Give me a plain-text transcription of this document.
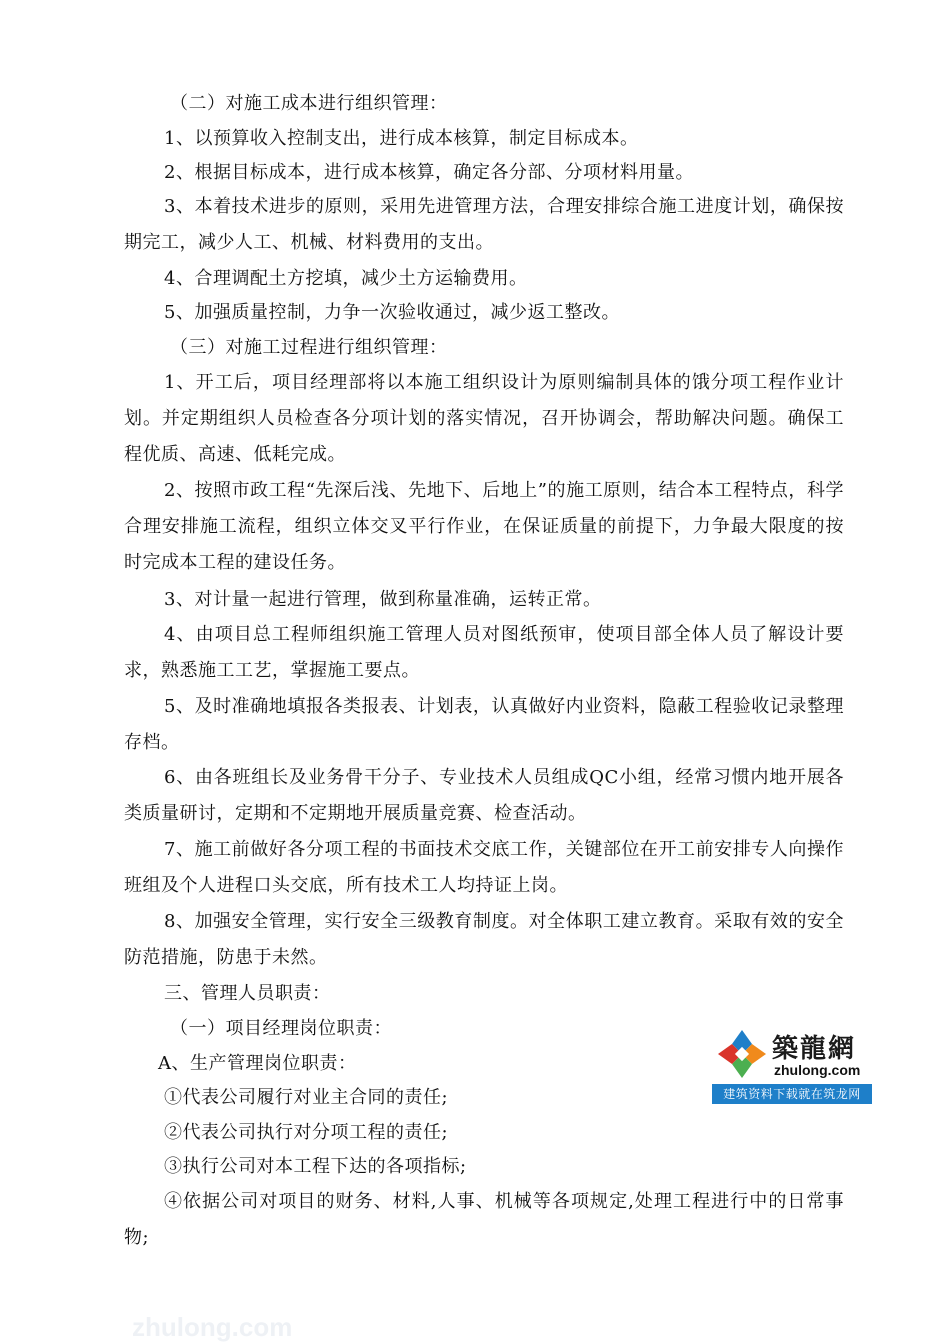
（二）对施工成本进行组织管理：

1、以预算收入控制支出，进行成本核算，制定目标成本。

2、根据目标成本，进行成本核算，确定各分部、分项材料用量。

3、本着技术进步的原则，采用先进管理方法，合理安排综合施工进度计划，确保按期完工，减少人工、机械、材料费用的支出。

4、合理调配土方挖填，减少土方运输费用。

5、加强质量控制，力争一次验收通过，减少返工整改。

（三）对施工过程进行组织管理：

1、开工后，项目经理部将以本施工组织设计为原则编制具体的饿分项工程作业计划。并定期组织人员检查各分项计划的落实情况，召开协调会，帮助解决问题。确保工程优质、高速、低耗完成。

2、按照市政工程“先深后浅、先地下、后地上”的施工原则，结合本工程特点，科学合理安排施工流程，组织立体交叉平行作业，在保证质量的前提下，力争最大限度的按时完成本工程的建设任务。

3、对计量一起进行管理，做到称量准确，运转正常。

4、由项目总工程师组织施工管理人员对图纸预审，使项目部全体人员了解设计要求，熟悉施工工艺，掌握施工要点。

5、及时准确地填报各类报表、计划表，认真做好内业资料，隐蔽工程验收记录整理存档。

6、由各班组长及业务骨干分子、专业技术人员组成QC小组，经常习惯内地开展各类质量研讨，定期和不定期地开展质量竞赛、检查活动。

7、施工前做好各分项工程的书面技术交底工作，关键部位在开工前安排专人向操作班组及个人进程口头交底，所有技术工人均持证上岗。

8、加强安全管理，实行安全三级教育制度。对全体职工建立教育。采取有效的安全防范措施，防患于未然。

三、管理人员职责：

（一）项目经理岗位职责：

A、生产管理岗位职责：

①代表公司履行对业主合同的责任;

②代表公司执行对分项工程的责任;

③执行公司对本工程下达的各项指标;

④依据公司对项目的财务、材料,人事、机械等各项规定,处理工程进行中的日常事物;

築龍網
zhulong.com
建筑资料下载就在筑龙网
zhulong.com
